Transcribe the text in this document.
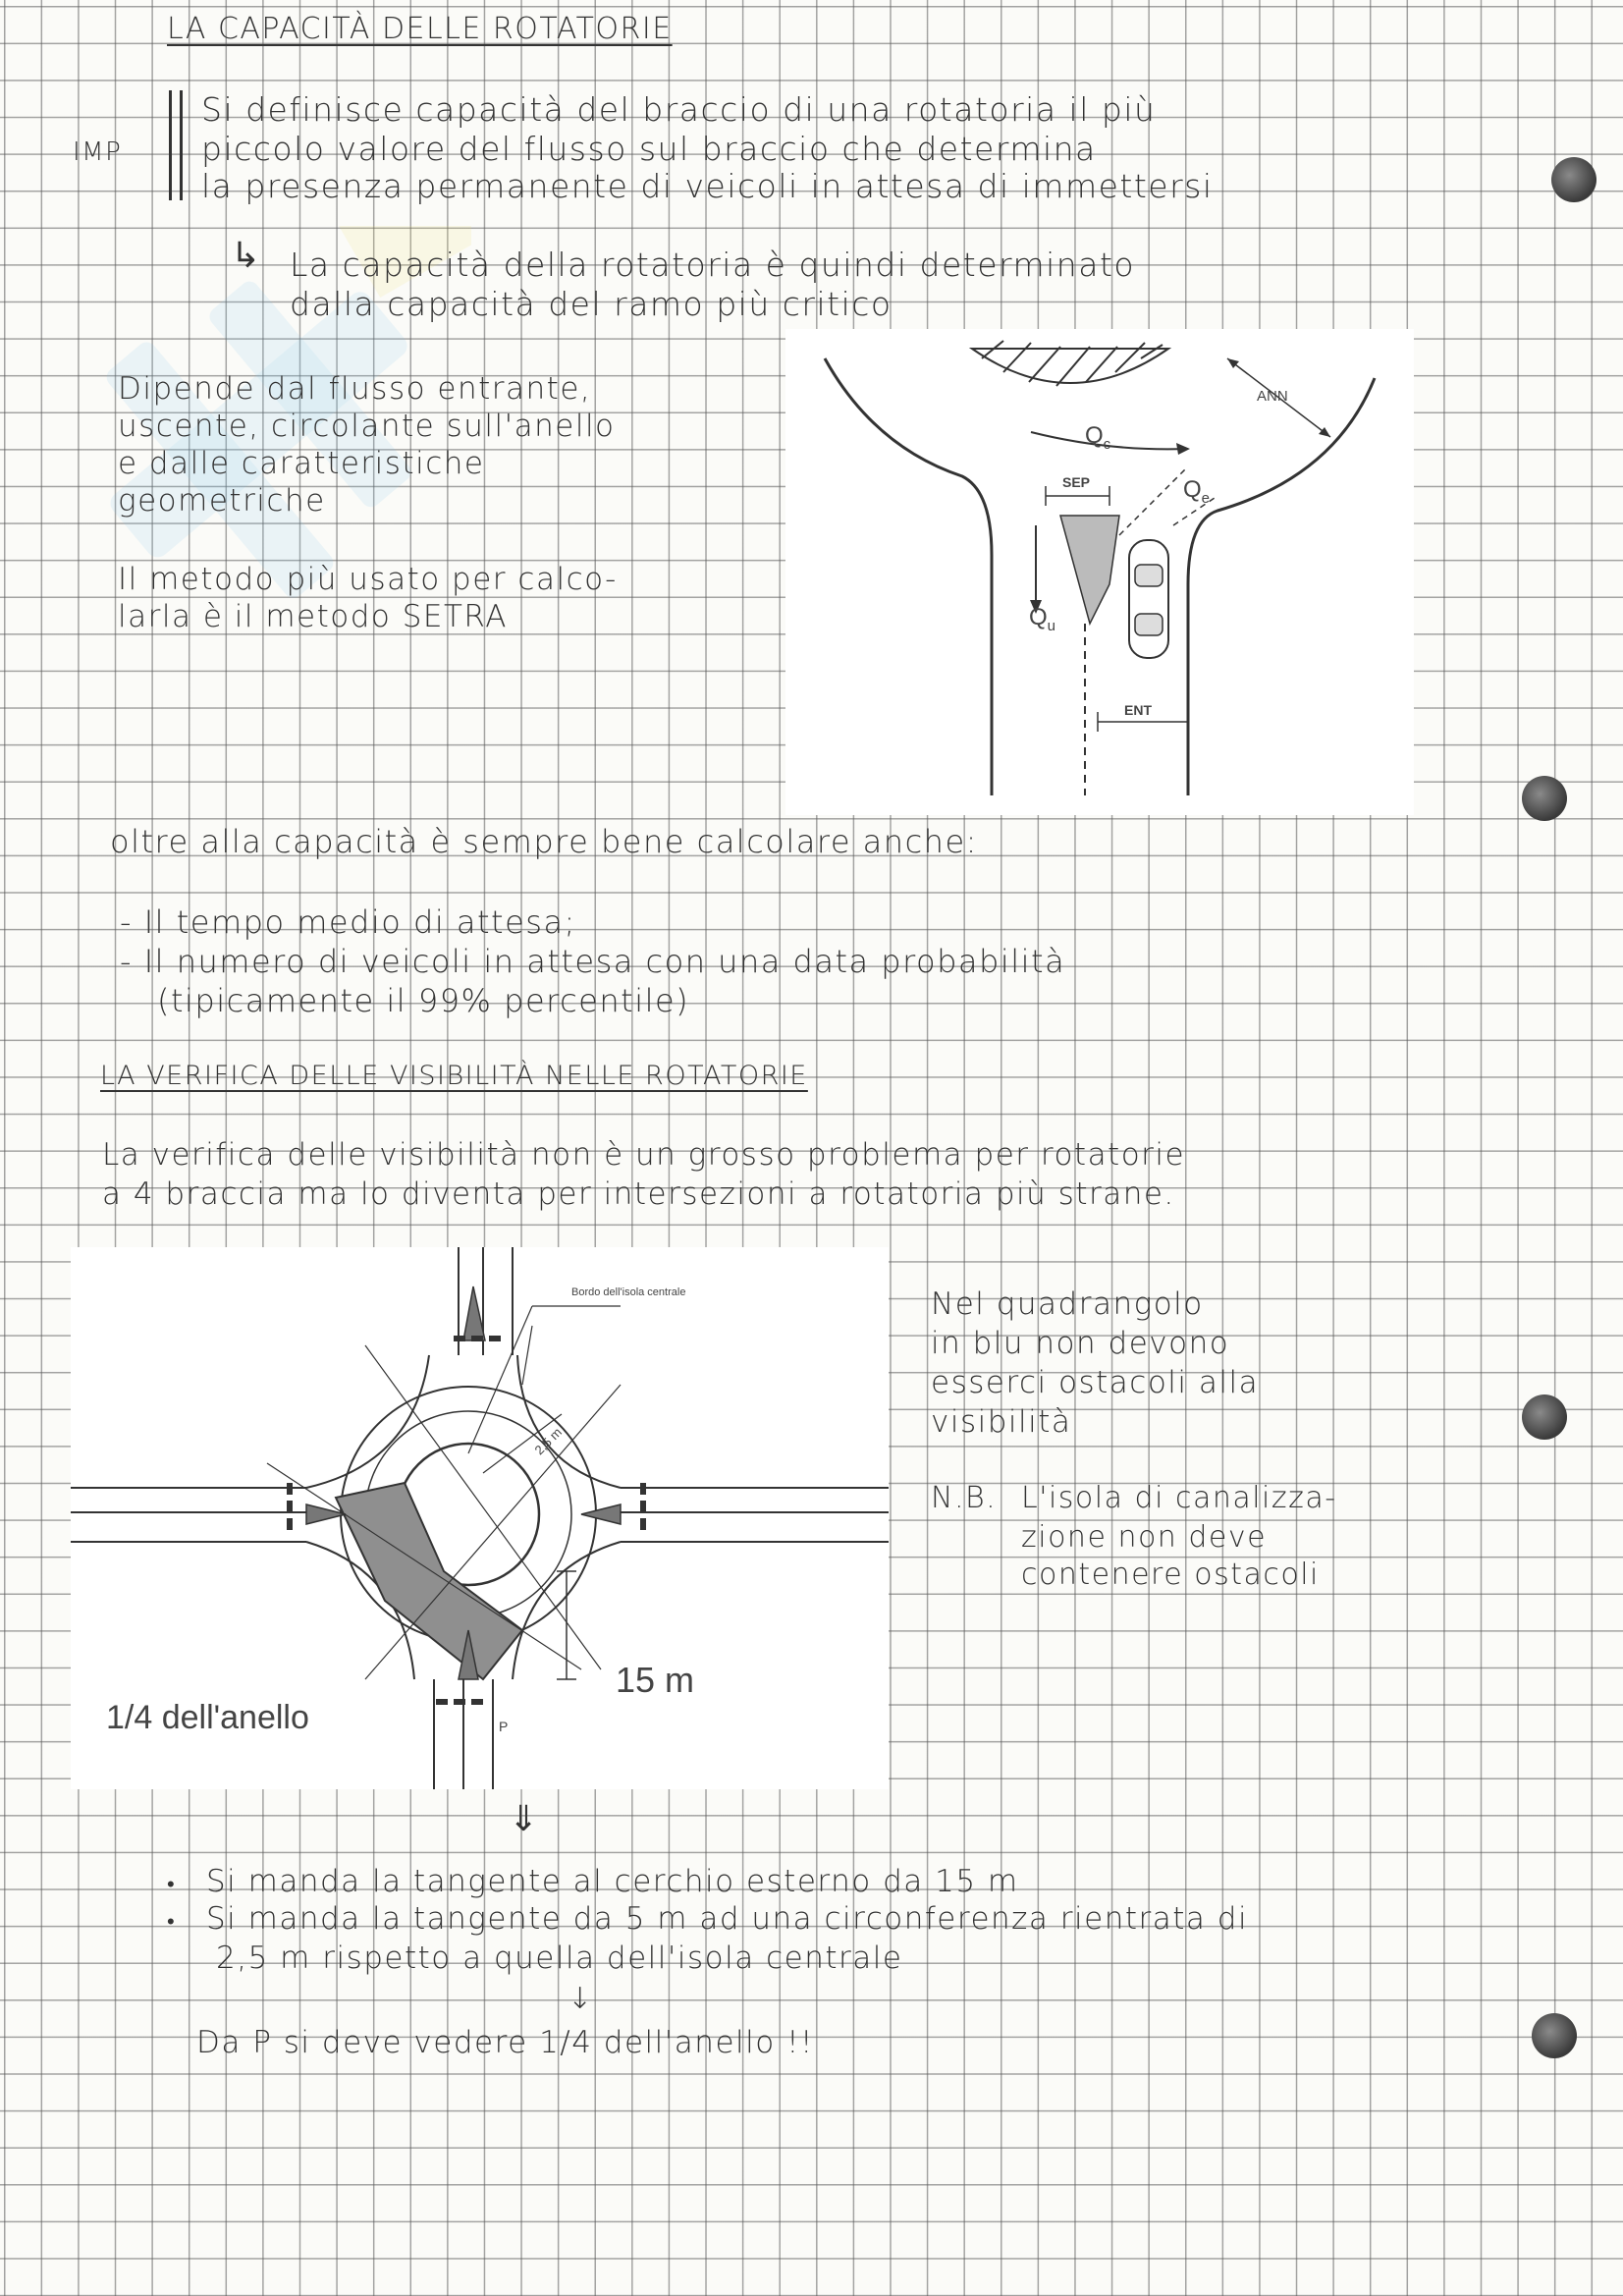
LA CAPACITÀ DELLE ROTATORIE
IMP
Si definisce capacità del braccio di una rotatoria il più
piccolo valore del flusso sul braccio che determina
la presenza permanente di veicoli in attesa di immettersi
↳ La capacità della rotatoria è quindi determinato
dalla capacità del ramo più critico
Dipende dal flusso entrante,
uscente, circolante sull'anello
e dalle caratteristiche
geometriche
Il metodo più usato per calco-
larla è il metodo SETRA
ANN
$Q_c$
$Q_e$
$Q_u$
SEP
ENT
oltre alla capacità è sempre bene calcolare anche:
- Il tempo medio di attesa;
- Il numero di veicoli in attesa con una data probabilità
(tipicamente il 99% percentile)
LA VERIFICA DELLE VISIBILITÀ NELLE ROTATORIE
La verifica delle visibilità non è un grosso problema per rotatorie
a 4 braccia ma lo diventa per intersezioni a rotatoria più strane.
Bordo dell'isola centrale
2,5 m
15 m
P
1/4 dell'anello
Nel quadrangolo
in blu non devono
esserci ostacoli alla
visibilità
N.B. L'isola di canalizza-
zione non deve
contenere ostacoli
⇓
• Si manda la tangente al cerchio esterno da 15 m
• Si manda la tangente da 5 m ad una circonferenza rientrata di
2,5 m rispetto a quella dell'isola centrale
↓
Da P si deve vedere 1/4 dell'anello !!
